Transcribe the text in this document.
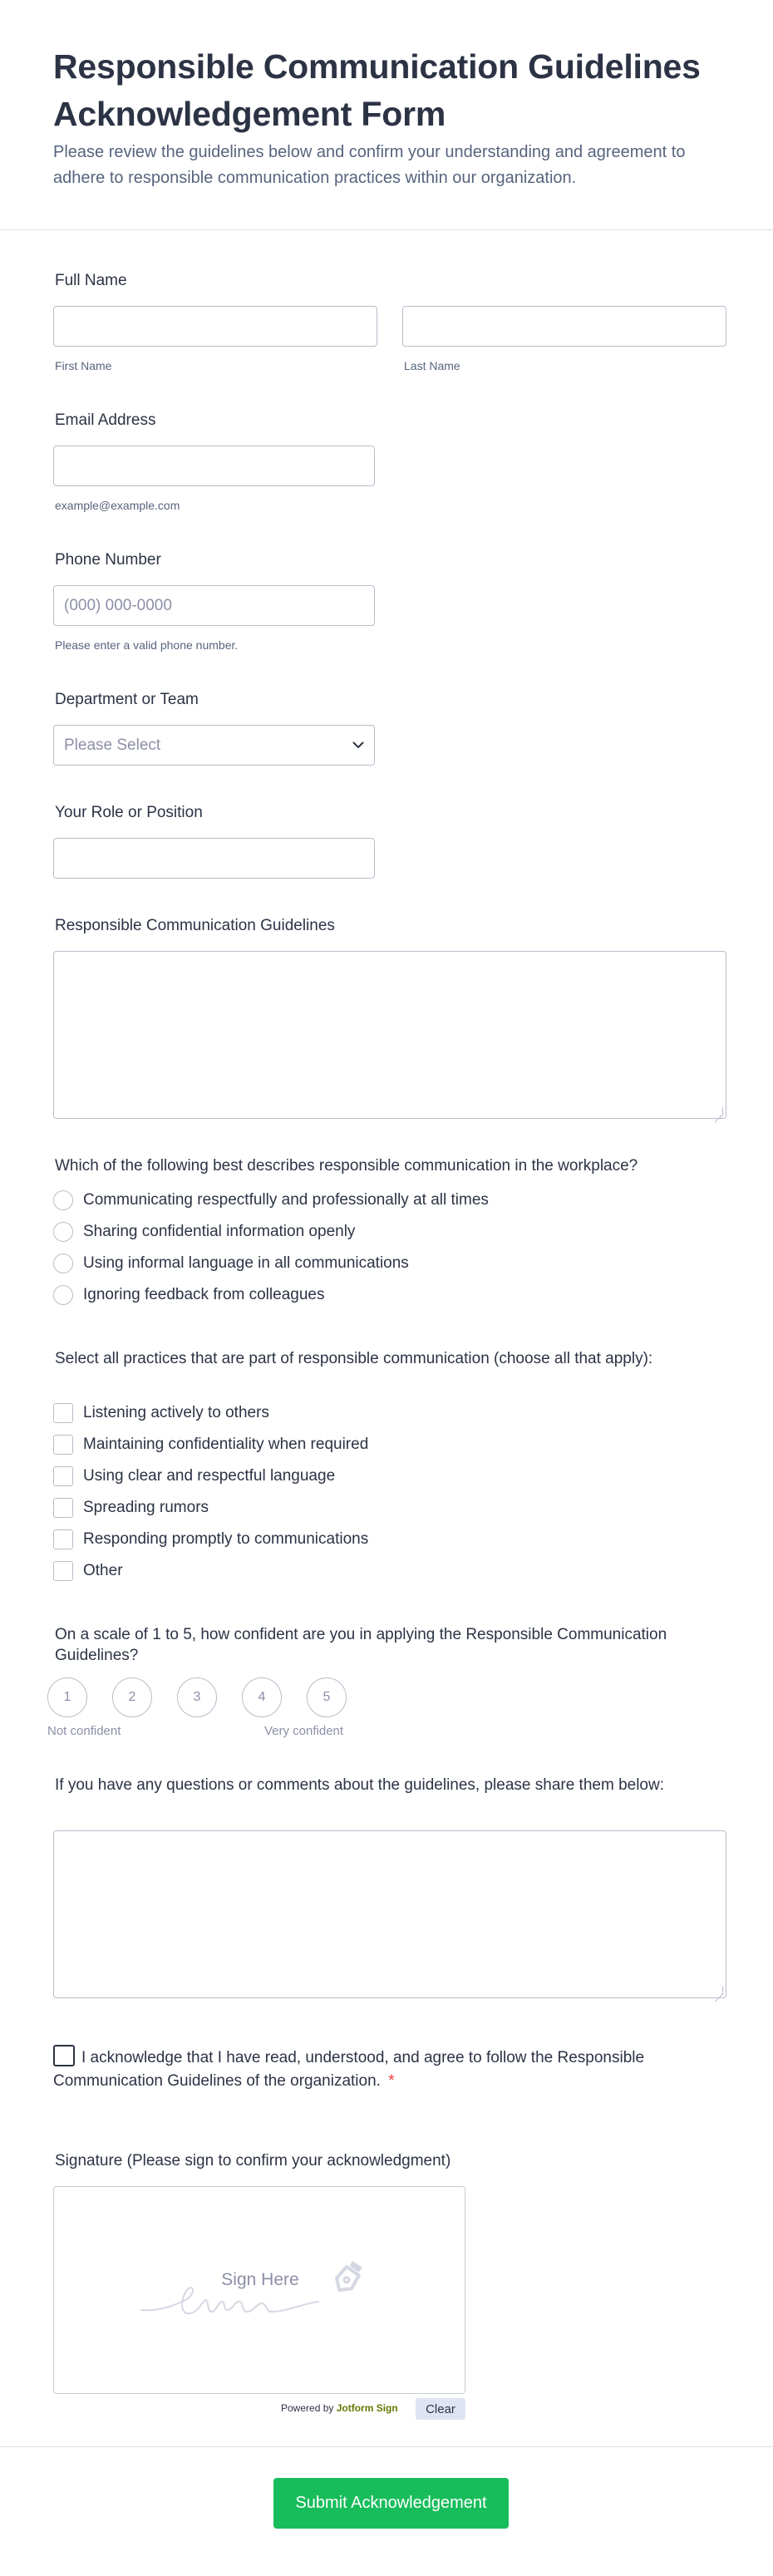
Responsible Communication Guidelines Acknowledgement Form

Please review the guidelines below and confirm your understanding and agreement to adhere to responsible communication practices within our organization.

Full Name
First Name	Last Name
Email Address
example@example.com
Phone Number
(000) 000-0000
Please enter a valid phone number.
Department or Team
Please Select
Your Role or Position
Responsible Communication Guidelines
Which of the following best describes responsible communication in the workplace?
Communicating respectfully and professionally at all times
Sharing confidential information openly
Using informal language in all communications
Ignoring feedback from colleagues
Select all practices that are part of responsible communication (choose all that apply):
Listening actively to others
Maintaining confidentiality when required
Using clear and respectful language
Spreading rumors
Responding promptly to communications
Other
On a scale of 1 to 5, how confident are you in applying the Responsible Communication Guidelines?
1	2	3	4	5
Not confident	Very confident
If you have any questions or comments about the guidelines, please share them below:
I acknowledge that I have read, understood, and agree to follow the Responsible Communication Guidelines of the organization. *
Signature (Please sign to confirm your acknowledgment)
Sign Here
Powered by Jotform Sign	Clear
Submit Acknowledgement
